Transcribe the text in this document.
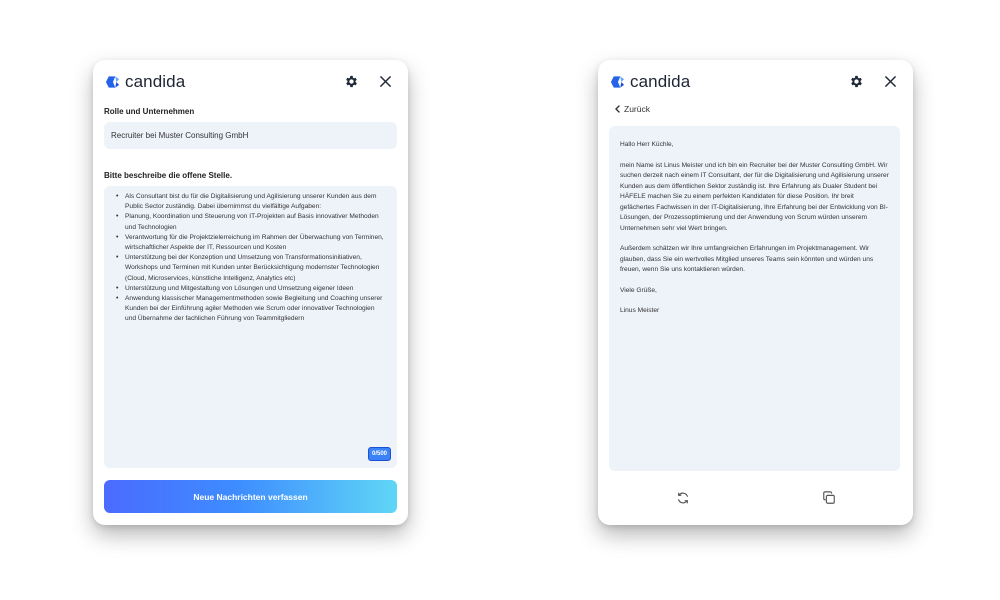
candida
Rolle und Unternehmen
Recruiter bei Muster Consulting GmbH
Bitte beschreibe die offene Stelle.
• Als Consultant bist du für die Digitalisierung und Agilisierung unserer Kunden aus dem Public Sector zuständig. Dabei übernimmst du vielfältige Aufgaben:
• Planung, Koordination und Steuerung von IT-Projekten auf Basis innovativer Methoden und Technologien
• Verantwortung für die Projektzielerreichung im Rahmen der Überwachung von Terminen, wirtschaftlicher Aspekte der IT, Ressourcen und Kosten
• Unterstützung bei der Konzeption und Umsetzung von Transformationsinitiativen, Workshops und Terminen mit Kunden unter Berücksichtigung modernster Technologien (Cloud, Microservices, künstliche Intelligenz, Analytics etc)
• Unterstützung und Mitgestaltung von Lösungen und Umsetzung eigener Ideen
• Anwendung klassischer Managementmethoden sowie Begleitung und Coaching unserer Kunden bei der Einführung agiler Methoden wie Scrum oder innovativer Technologien und Übernahme der fachlichen Führung von Teammitgliedern
0/500
Neue Nachrichten verfassen
candida
Zurück

Hallo Herr Küchle,

mein Name ist Linus Meister und ich bin ein Recruiter bei der Muster Consulting GmbH. Wir suchen derzeit nach einem IT Consultant, der für die Digitalisierung und Agilisierung unserer Kunden aus dem öffentlichen Sektor zuständig ist. Ihre Erfahrung als Dualer Student bei HÄFELE machen Sie zu einem perfekten Kandidaten für diese Position. Ihr breit gefächertes Fachwissen in der IT-Digitalisierung, Ihre Erfahrung bei der Entwicklung von BI-Lösungen, der Prozessoptimierung und der Anwendung von Scrum würden unserem Unternehmen sehr viel Wert bringen.

Außerdem schätzen wir Ihre umfangreichen Erfahrungen im Projektmanagement. Wir glauben, dass Sie ein wertvolles Mitglied unseres Teams sein könnten und würden uns freuen, wenn Sie uns kontaktieren würden.

Viele Grüße,

Linus Meister
